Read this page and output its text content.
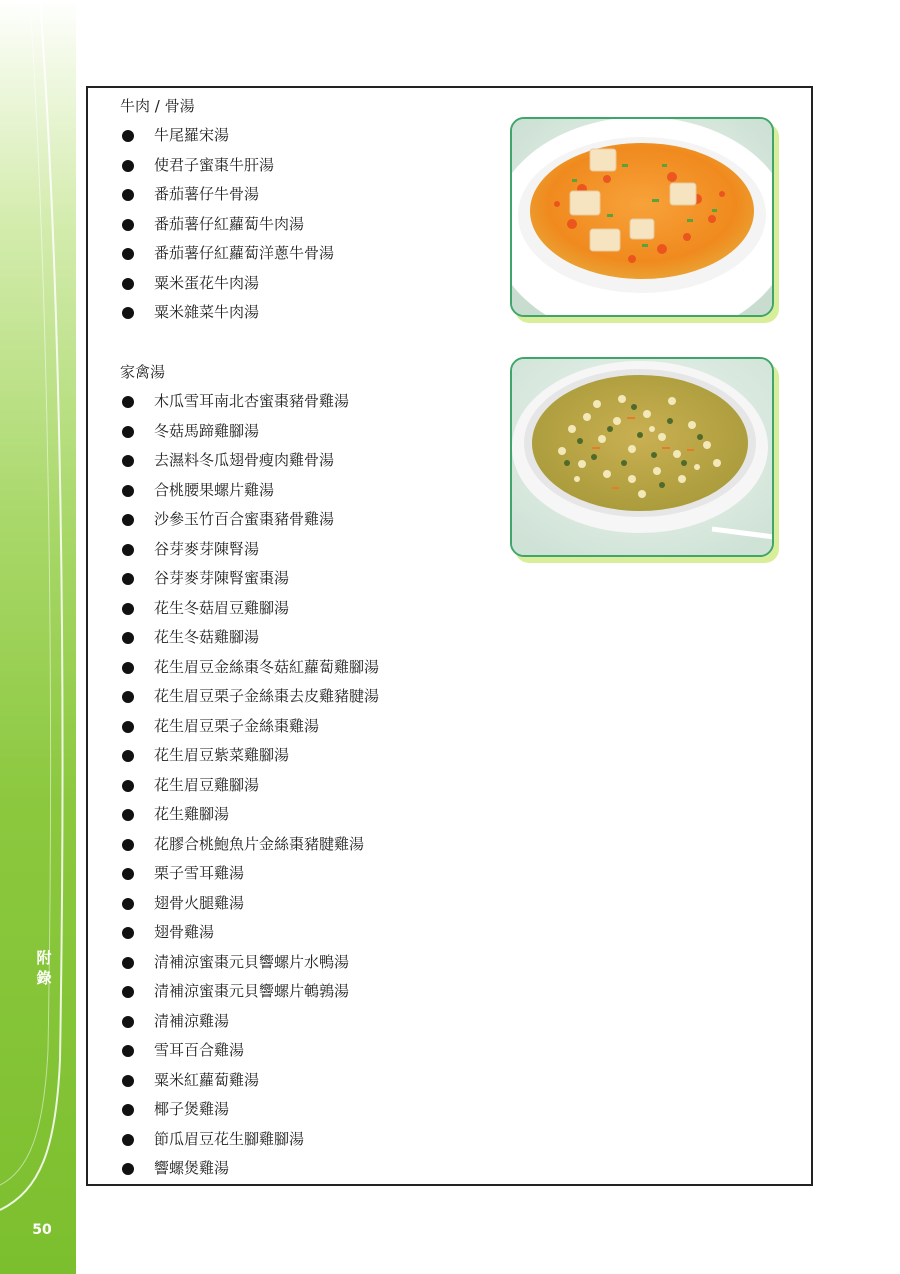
附
錄
50
牛肉 / 骨湯
牛尾羅宋湯
使君子蜜棗牛肝湯
番茄薯仔牛骨湯
番茄薯仔紅蘿蔔牛肉湯
番茄薯仔紅蘿蔔洋蔥牛骨湯
粟米蛋花牛肉湯
粟米雜菜牛肉湯
家禽湯
木瓜雪耳南北杏蜜棗豬骨雞湯
冬菇馬蹄雞腳湯
去濕料冬瓜翅骨瘦肉雞骨湯
合桃腰果螺片雞湯
沙參玉竹百合蜜棗豬骨雞湯
谷芽麥芽陳腎湯
谷芽麥芽陳腎蜜棗湯
花生冬菇眉豆雞腳湯
花生冬菇雞腳湯
花生眉豆金絲棗冬菇紅蘿蔔雞腳湯
花生眉豆栗子金絲棗去皮雞豬腱湯
花生眉豆栗子金絲棗雞湯
花生眉豆紫菜雞腳湯
花生眉豆雞腳湯
花生雞腳湯
花膠合桃鮑魚片金絲棗豬腱雞湯
栗子雪耳雞湯
翅骨火腿雞湯
翅骨雞湯
清補涼蜜棗元貝響螺片水鴨湯
清補涼蜜棗元貝響螺片鵪鶉湯
清補涼雞湯
雪耳百合雞湯
粟米紅蘿蔔雞湯
椰子煲雞湯
節瓜眉豆花生腳雞腳湯
響螺煲雞湯
